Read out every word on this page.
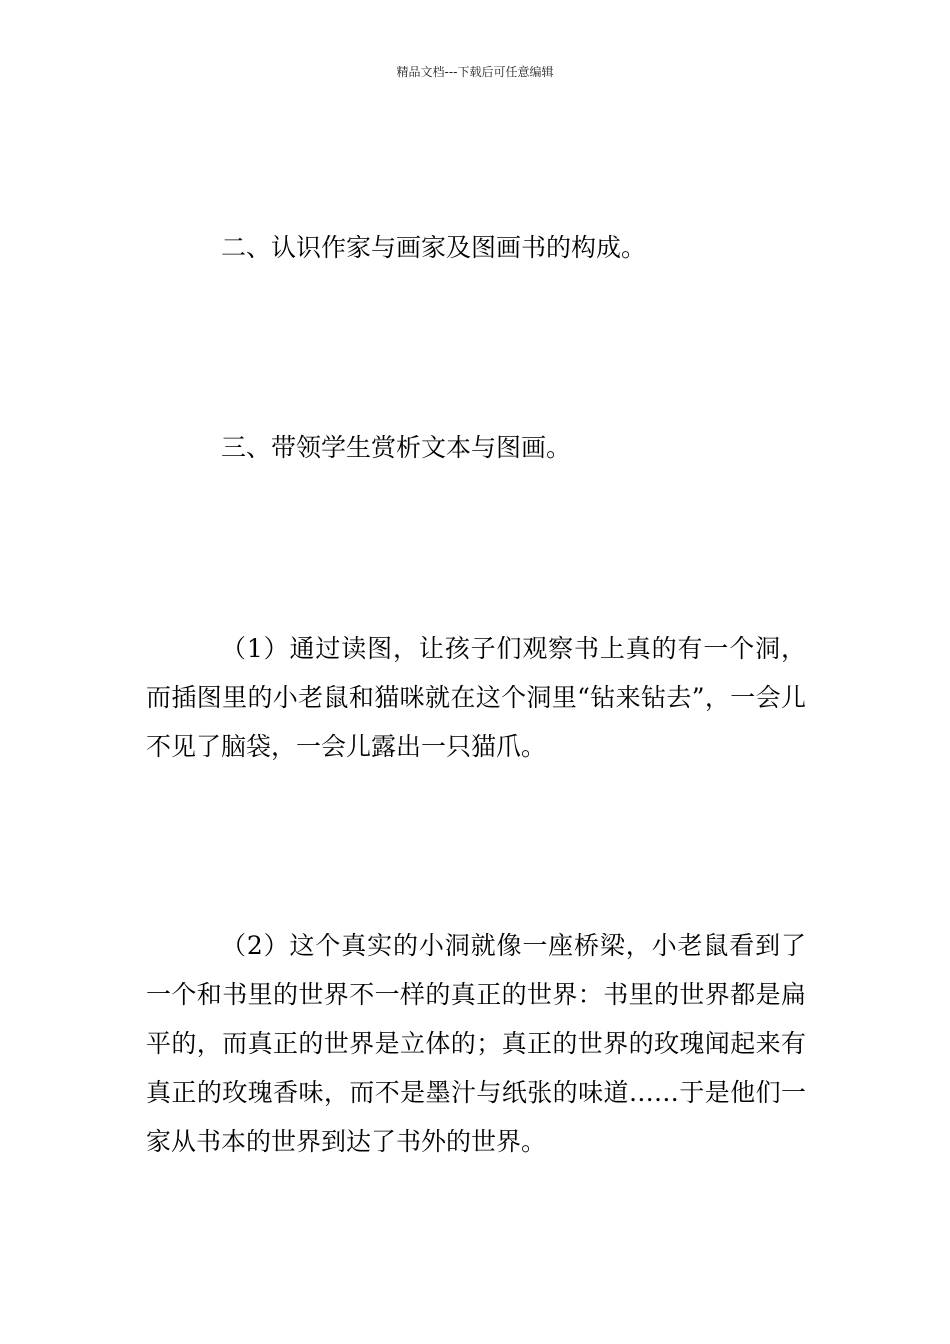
精品文档---下载后可任意编辑
二、认识作家与画家及图画书的构成。
三、带领学生赏析文本与图画。

（1）通过读图，让孩子们观察书上真的有一个洞，而插图里的小老鼠和猫咪就在这个洞里“钻来钻去”，一会儿不见了脑袋，一会儿露出一只猫爪。

（2）这个真实的小洞就像一座桥梁，小老鼠看到了一个和书里的世界不一样的真正的世界：书里的世界都是扁平的，而真正的世界是立体的；真正的世界的玫瑰闻起来有真正的玫瑰香味，而不是墨汁与纸张的味道……于是他们一家从书本的世界到达了书外的世界。
